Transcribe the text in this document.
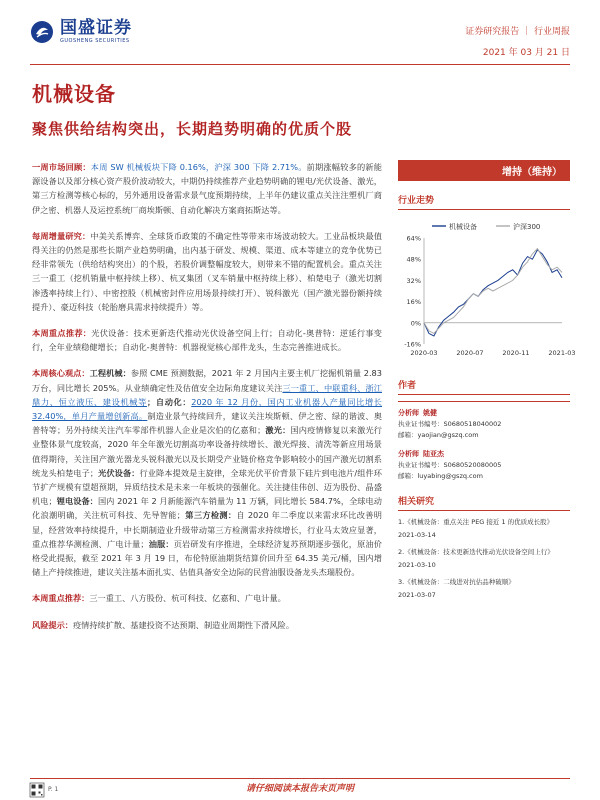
国盛证券
GUOSHENG SECURITIES
证券研究报告 ｜ 行业周报
2021 年 03 月 21 日
机械设备
聚焦供给结构突出，长期趋势明确的优质个股

一周市场回顾：本周 SW 机械板块下降 0.16%，沪深 300 下降 2.71%。前期涨幅较多的新能源设备以及部分核心资产股价波动较大，中期仍持续推荐产业趋势明确的锂电/光伏设备、激光，第三方检测等核心标的，另外通用设备需求景气度预期持续，上半年仍建议重点关注注塑机厂商伊之密、机器人及运控系统厂商埃斯顿、自动化解决方案商拓斯达等。

每周增量研究：中美关系博弈、全球货币政策的不确定性等带来市场波动较大。工业品板块最值得关注的仍然是那些长期产业趋势明确，出内基于研发、规模、渠道、成本等建立的竞争优势已经非常领先（供给结构突出）的个股，若股价调整幅度较大，则带来不错的配置机会。重点关注三一重工（挖机销量中枢持续上移）、杭叉集团（叉车销量中枢持续上移）、柏楚电子（激光切割渗透率持续上行）、中密控股（机械密封件应用场景持续打开）、锐科激光（国产激光器份额持续提升）、豪迈科技（轮胎磨具需求持续提升）等。

本周重点推荐：光伏设备：技术更新迭代推动光伏设备空间上行；自动化-奥普特：逆延行事变行，全年业绩稳健增长；自动化-奥普特：机器视觉核心部件龙头，生态完善推进成长。

本周核心观点：工程机械：参照 CME 预测数据，2021 年 2 月国内主要主机厂挖掘机销量 2.83 万台，同比增长 205%。从业绩确定性及估值安全边际角度建议关注三一重工、中联重科、浙江鼎力、恒立液压、建设机械等；自动化：2020 年 12 月份，国内工业机器人产量同比增长 32.40%，单月产量增创新高。制造业景气持续回升，建议关注埃斯顿、伊之密、绿的谐波、奥普特等；另外持续关注汽车零部件机器人企业是次伯的亿嘉和；激光：国内疫情修复以来激光行业整体景气度较高，2020 年全年激光切割高功率设备持续增长、激光焊接、清洗等新应用场景值得期待，关注国产激光器龙头锐科激光以及长期受产业链价格竞争影响较小的国产激光切割系统龙头柏楚电子；光伏设备：行业降本提效是主旋律，全球光伏平价背景下硅片到电池片/组件环节扩产规模有望超预期，异质结技术是未来一年板块的强催化。关注捷佳伟创、迈为股份、晶盛机电；锂电设备：国内 2021 年 2 月新能源汽车销量为 11 万辆，同比增长 584.7%，全球电动化浪潮明确，关注杭可科技、先导智能；第三方检测：自 2020 年二季度以来需求环比改善明显，经营效率持续提升，中长期制造业升级带动第三方检测需求持续增长，行业马太效应显著，重点推荐华测检测、广电计量；油服：页岩研发有序推进，全球经济复苏预期逐步强化，原油价格受此提振，截至 2021 年 3 月 19 日，布伦特原油期货结算价回升至 64.35 美元/桶，国内增储上产持续推进，建议关注基本面扎实、估值具备安全边际的民营油服设备龙头杰瑞股份。

本周重点推荐：三一重工、八方股份、杭可科技、亿嘉和、广电计量。

风险提示：疫情持续扩散、基建投资不达预期、制造业周期性下滑风险。

增持（维持）
行业走势
机械设备	沪深300
-16%
0%
16%
32%
48%
64%
2020-03	2020-07	2020-11	2021-03
作者
分析师 姚健
执业证书编号：S0680518040002
邮箱：yaojian@gszq.com
分析师 陆亚杰
执业证书编号：S0680520080005
邮箱：luyabing@gszq.com
相关研究
1.《机械设备：重点关注 PEG 接近 1 的优质成长股》
2021-03-14
2.《机械设备：技术更新迭代推动光伏设备空间上行》
2021-03-10
3.《机械设备：二线进对抗估品种破顺》
2021-03-07
P. 1	请仔细阅读本报告末页声明
